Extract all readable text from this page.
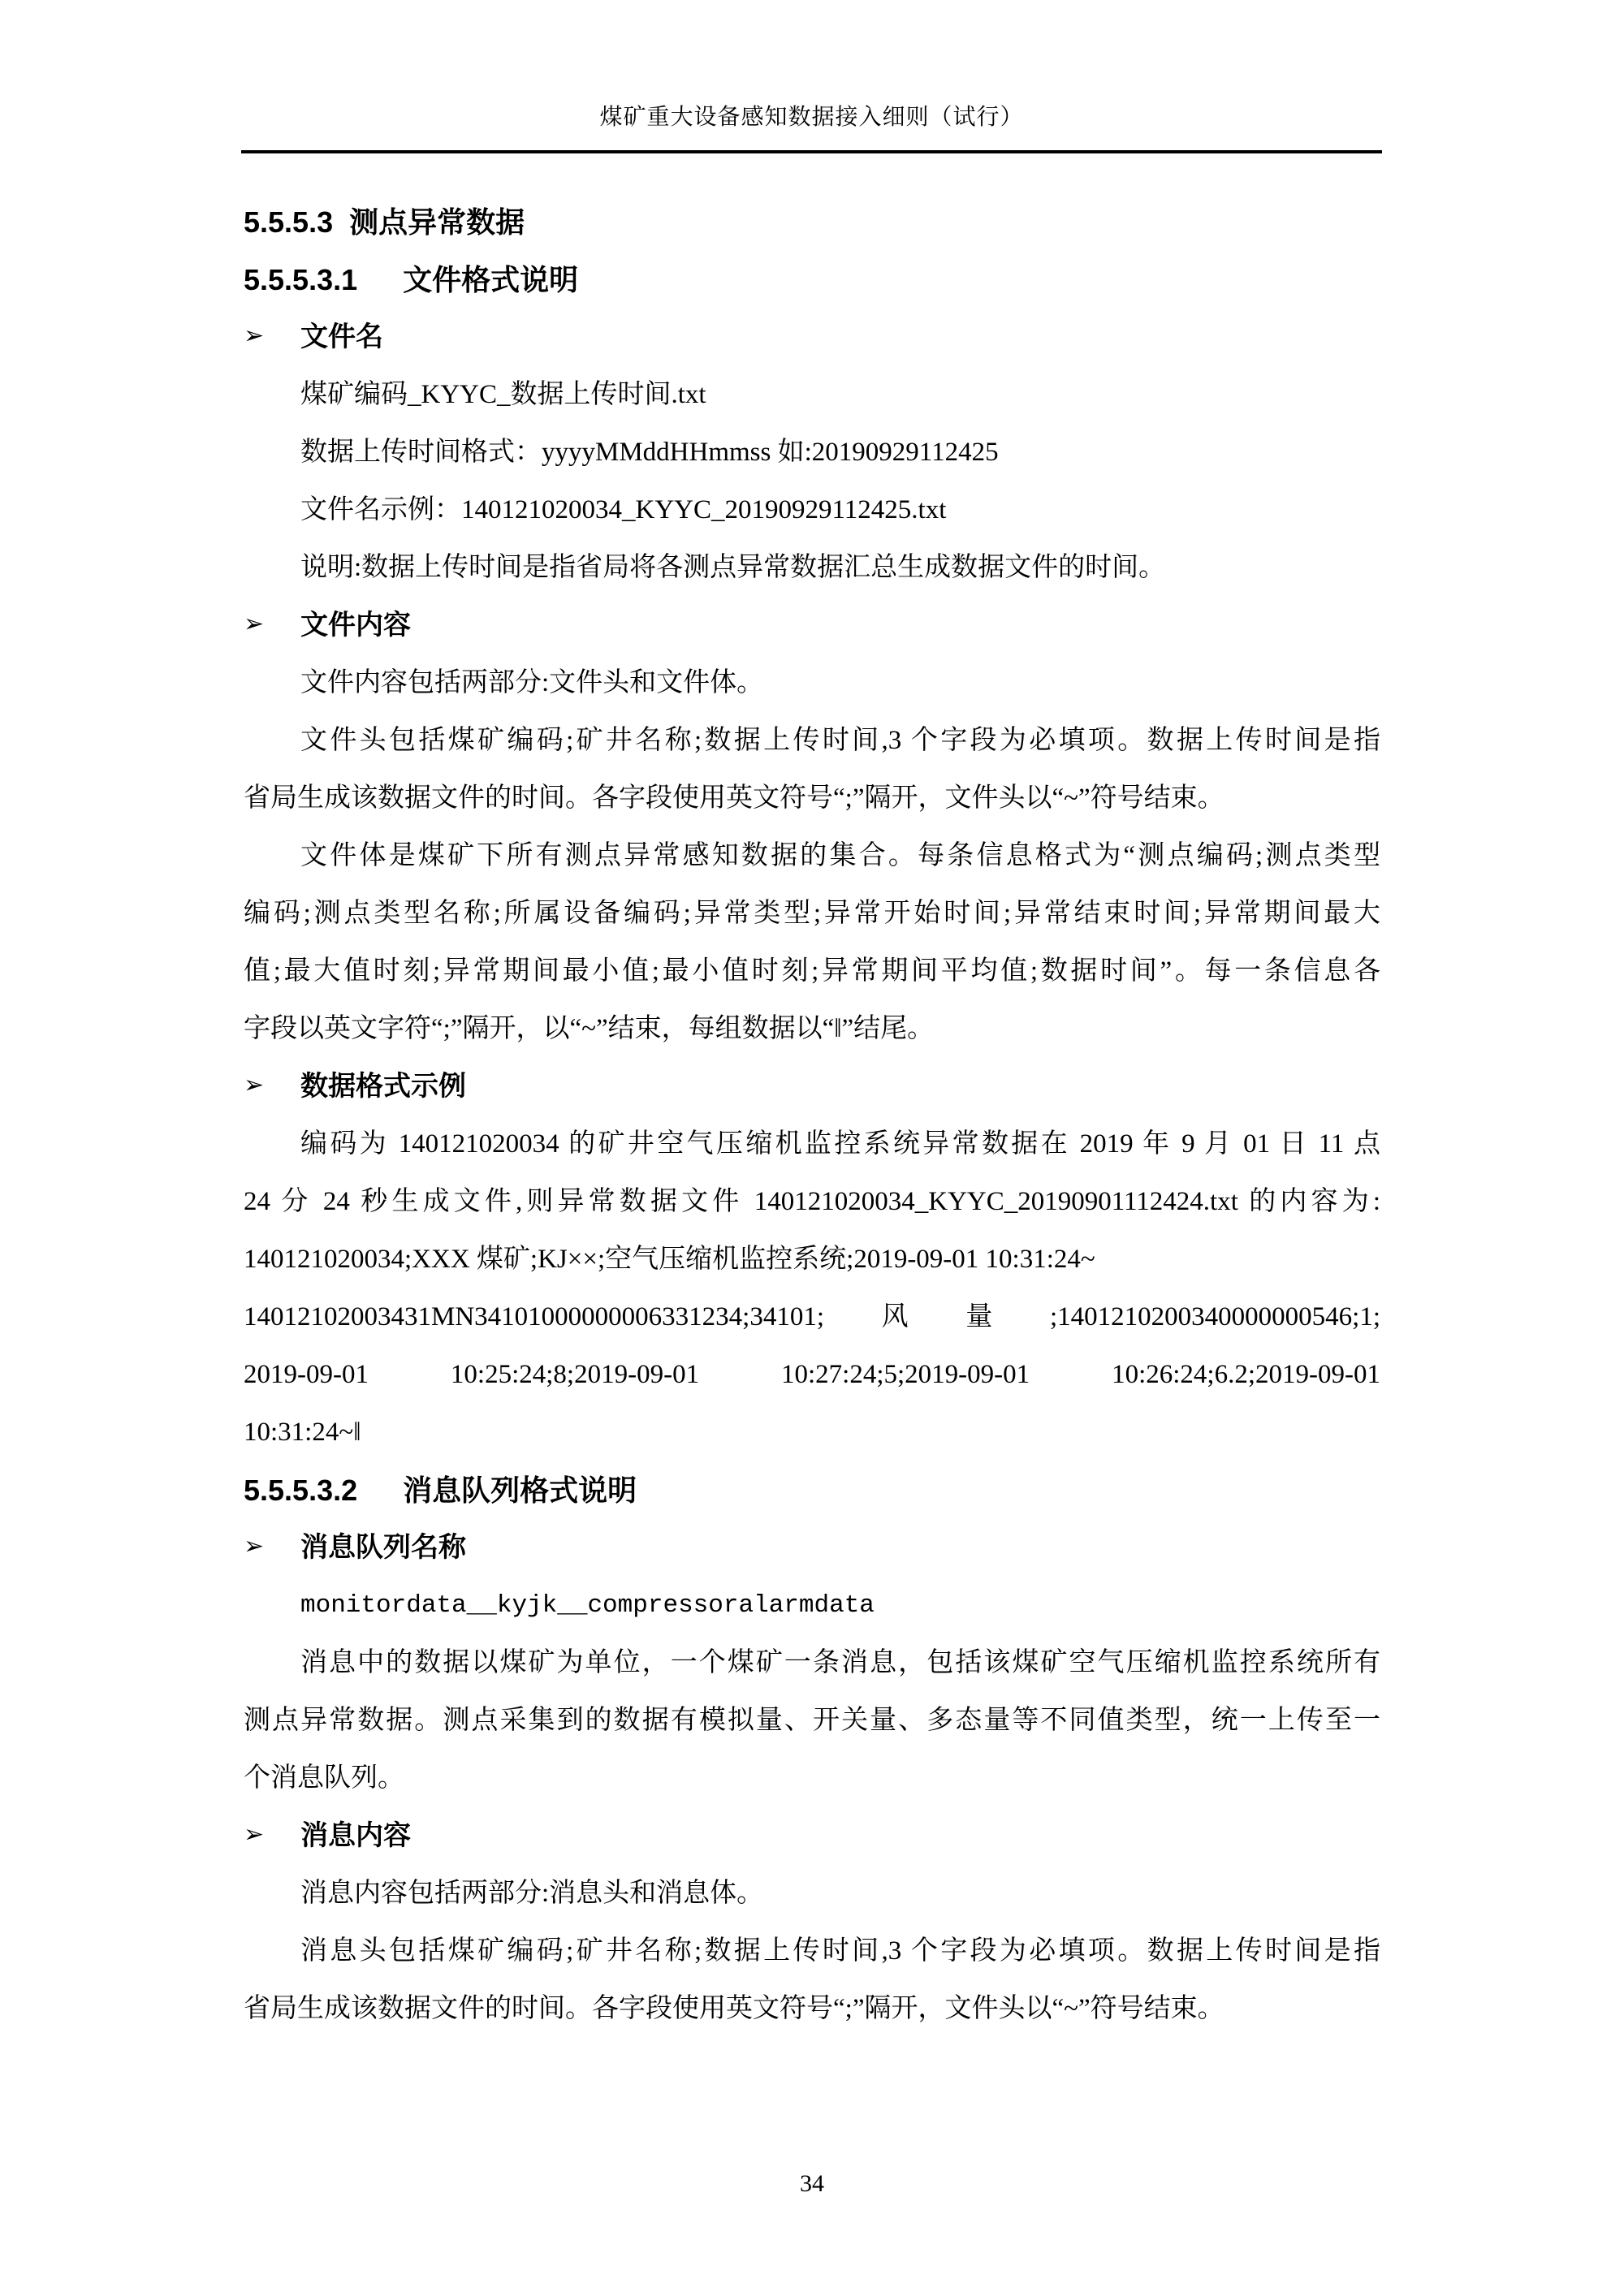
煤矿重大设备感知数据接入细则（试行）
5.5.5.3 测点异常数据
5.5.5.3.1 文件格式说明
➢	文件名
煤矿编码_KYYC_数据上传时间.txt
数据上传时间格式：yyyyMMddHHmmss 如:20190929112425
文件名示例：140121020034_KYYC_20190929112425.txt
说明:数据上传时间是指省局将各测点异常数据汇总生成数据文件的时间。
➢	文件内容
文件内容包括两部分:文件头和文件体。
文件头包括煤矿编码;矿井名称;数据上传时间,3 个字段为必填项。数据上传时间是指
省局生成该数据文件的时间。各字段使用英文符号“;”隔开，文件头以“~”符号结束。
文件体是煤矿下所有测点异常感知数据的集合。每条信息格式为“测点编码;测点类型
编码;测点类型名称;所属设备编码;异常类型;异常开始时间;异常结束时间;异常期间最大
值;最大值时刻;异常期间最小值;最小值时刻;异常期间平均值;数据时间”。每一条信息各
字段以英文字符“;”隔开，以“~”结束，每组数据以“‖”结尾。
➢	数据格式示例
编码为 140121020034 的矿井空气压缩机监控系统异常数据在 2019 年 9 月 01 日 11 点
24 分 24 秒生成文件,则异常数据文件 140121020034_KYYC_20190901112424.txt 的内容为:
140121020034;XXX 煤矿;KJ××;空气压缩机监控系统;2019-09-01 10:31:24~
14012102003431MN34101000000006331234;34101;风量;1401210200340000000546;1;
2019-09-01 10:25:24;8;2019-09-01 10:27:24;5;2019-09-01 10:26:24;6.2;2019-09-01
10:31:24~‖
5.5.5.3.2 消息队列格式说明
➢	消息队列名称
monitordata__kyjk__compressoralarmdata
消息中的数据以煤矿为单位，一个煤矿一条消息，包括该煤矿空气压缩机监控系统所有
测点异常数据。测点采集到的数据有模拟量、开关量、多态量等不同值类型，统一上传至一
个消息队列。
➢	消息内容
消息内容包括两部分:消息头和消息体。
消息头包括煤矿编码;矿井名称;数据上传时间,3 个字段为必填项。数据上传时间是指
省局生成该数据文件的时间。各字段使用英文符号“;”隔开，文件头以“~”符号结束。
34
